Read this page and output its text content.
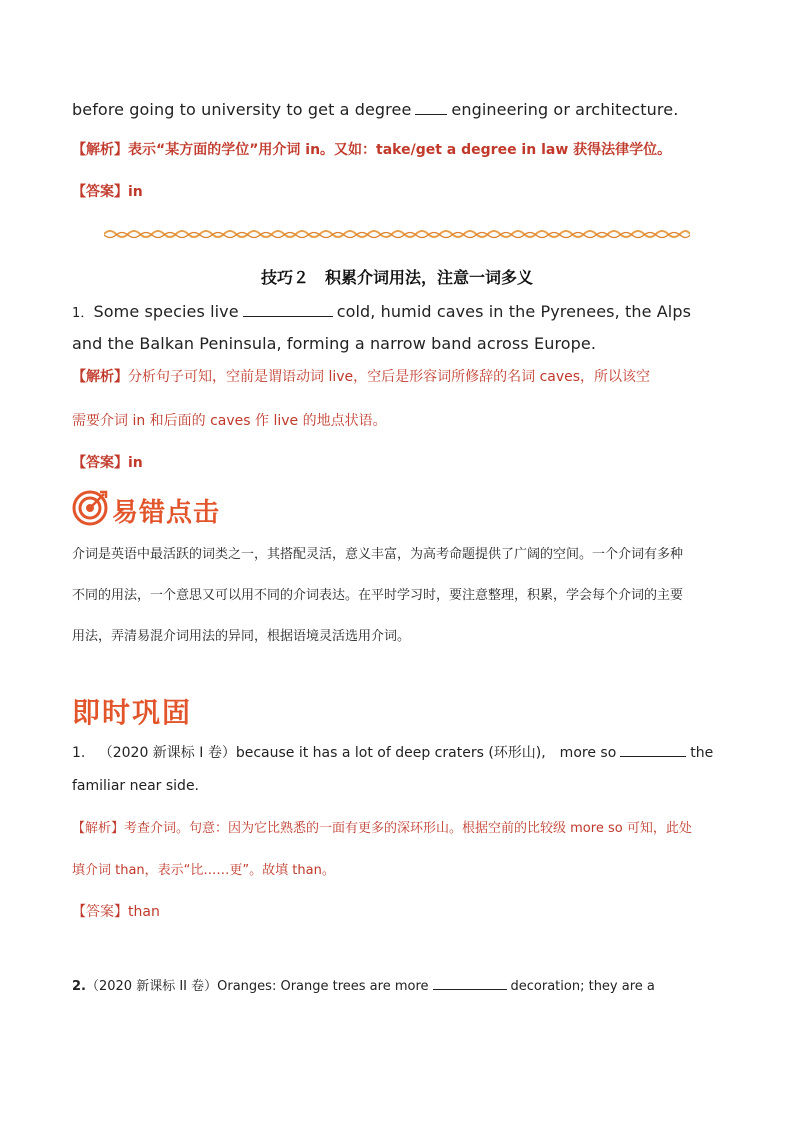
before going to university to get a degree	engineering or architecture.
【解析】表示“某方面的学位”用介词 in。又如：take/get a degree in law 获得法律学位。
【答案】in
技巧２　积累介词用法，注意一词多义
1．Some species live	cold, humid caves in the Pyrenees, the Alps
and the Balkan Peninsula, forming a narrow band across Europe.
【解析】分析句子可知，空前是谓语动词 live，空后是形容词所修辞的名词 caves，所以该空
需要介词 in 和后面的 caves 作 live 的地点状语。
【答案】in
易错点击
介词是英语中最活跃的词类之一，其搭配灵活，意义丰富，为高考命题提供了广阔的空间。一个介词有多种
不同的用法，一个意思又可以用不同的介词表达。在平时学习时，要注意整理，积累，学会每个介词的主要
用法，弄清易混介词用法的异同，根据语境灵活选用介词。
即时巩固
1. （2020 新课标 I 卷）because it has a lot of deep craters (环形山),　more so	the
familiar near side.
【解析】考查介词。句意：因为它比熟悉的一面有更多的深环形山。根据空前的比较级 more so 可知，此处
填介词 than，表示“比……更”。故填 than。
【答案】than
2.（2020 新课标 II 卷）Oranges: Orange trees are more	decoration; they are a
